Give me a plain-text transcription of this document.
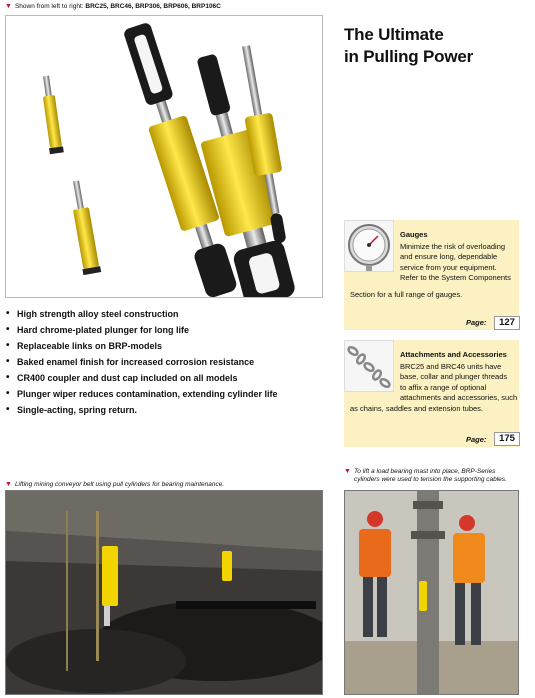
▼ Shown from left to right: BRC25, BRC46, BRP306, BRP606, BRP106C
The Ultimate
in Pulling Power
• High strength alloy steel construction
• Hard chrome-plated plunger for long life
• Replaceable links on BRP-models
• Baked enamel finish for increased corrosion resistance
• CR400 coupler and dust cap included on all models
• Plunger wiper reduces contamination, extending cylinder life
• Single-acting, spring return.
Gauges
Minimize the risk of overloading
and ensure long, dependable
service from your equipment.
Refer to the System Components
Section for a full range of gauges.
Page:	127
Attachments and Accessories
BRC25 and BRC46 units have
base, collar and plunger threads
to affix a range of optional
attachments and accessories, such
as chains, saddles and extension tubes.
Page:	175
▼ Lifting mining conveyor belt using pull cylinders for bearing maintenance.
▼ To lift a load bearing mast into place, BRP-Series
cylinders were used to tension the supporting cables.
